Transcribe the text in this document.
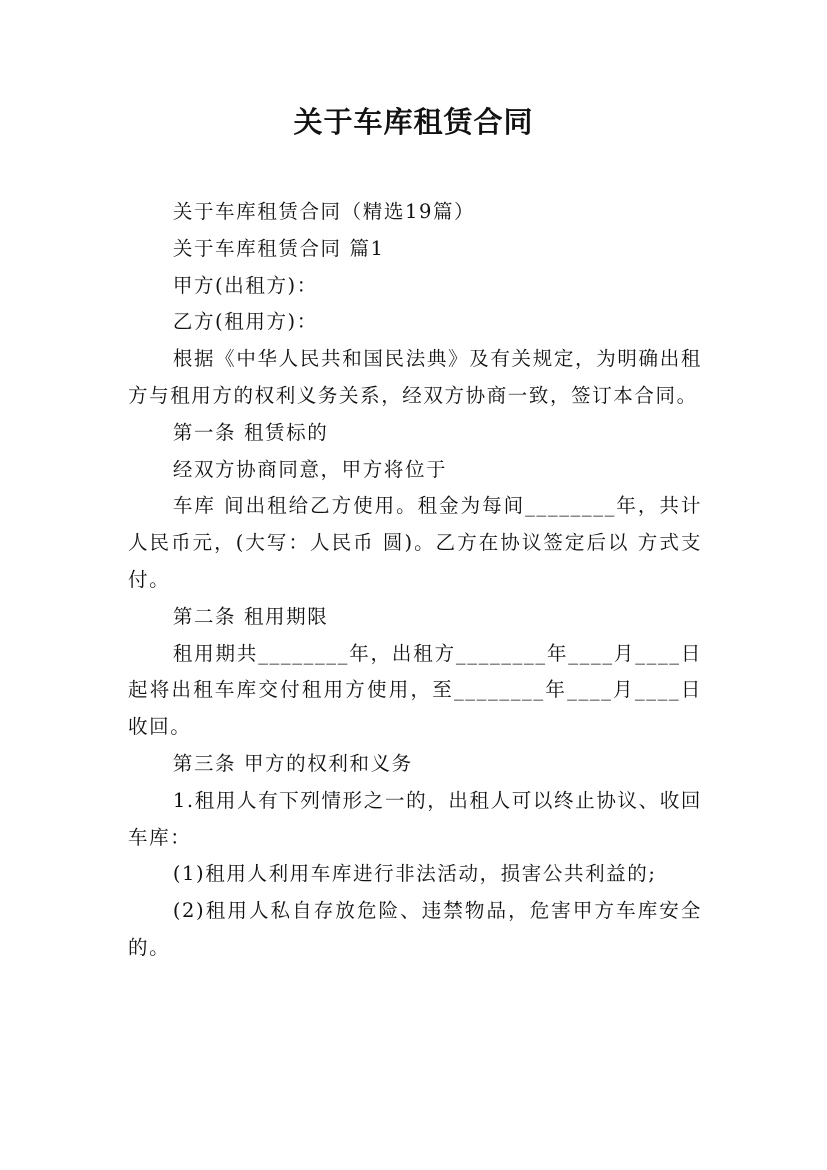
关于车库租赁合同

关于车库租赁合同（精选19篇）

关于车库租赁合同 篇1

甲方(出租方)：

乙方(租用方)：

根据《中华人民共和国民法典》及有关规定，为明确出租方与租用方的权利义务关系，经双方协商一致，签订本合同。

第一条 租赁标的

经双方协商同意，甲方将位于

车库 间出租给乙方使用。租金为每间________年，共计人民币元，(大写：人民币 圆)。乙方在协议签定后以 方式支付。

第二条 租用期限

租用期共________年，出租方________年____月____日起将出租车库交付租用方使用，至________年____月____日收回。

第三条 甲方的权利和义务

1.租用人有下列情形之一的，出租人可以终止协议、收回车库：

(1)租用人利用车库进行非法活动，损害公共利益的;

(2)租用人私自存放危险、违禁物品，危害甲方车库安全的。
